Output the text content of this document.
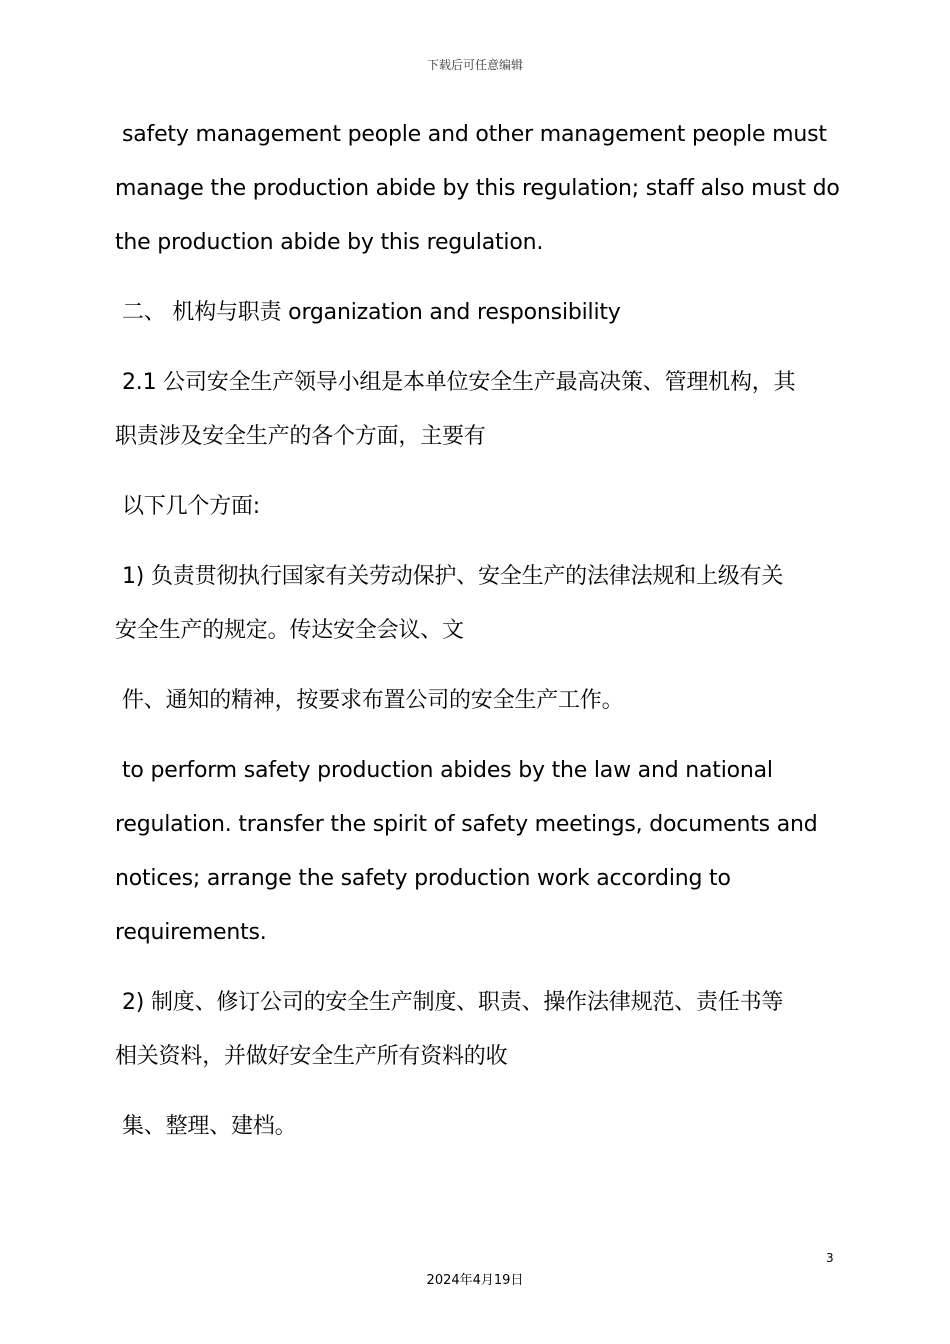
下载后可任意编辑
safety management people and other management people must
manage the production abide by this regulation; staff also must do
the production abide by this regulation.
二、 机构与职责 organization and responsibility
2.1 公司安全生产领导小组是本单位安全生产最高决策、管理机构，其
职责涉及安全生产的各个方面，主要有
以下几个方面:
1) 负责贯彻执行国家有关劳动保护、安全生产的法律法规和上级有关
安全生产的规定。传达安全会议、文
件、通知的精神，按要求布置公司的安全生产工作。
to perform safety production abides by the law and national
regulation. transfer the spirit of safety meetings, documents and
notices; arrange the safety production work according to
requirements.
2) 制度、修订公司的安全生产制度、职责、操作法律规范、责任书等
相关资料，并做好安全生产所有资料的收
集、整理、建档。
3
2024年4月19日
